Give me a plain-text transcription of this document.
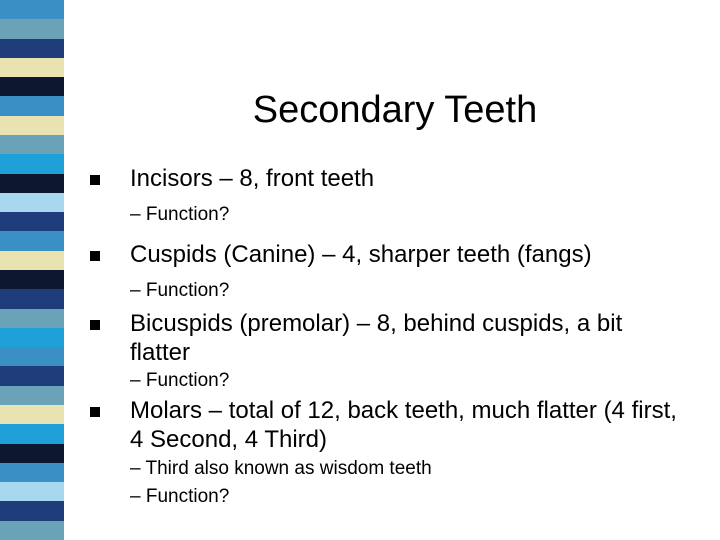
Secondary Teeth
Incisors – 8, front teeth
– Function?
Cuspids (Canine) – 4, sharper teeth (fangs)
– Function?
Bicuspids (premolar) – 8, behind cuspids, a bit flatter
– Function?
Molars – total of 12, back teeth, much flatter (4 first, 4 Second, 4 Third)
– Third also known as wisdom teeth
– Function?
